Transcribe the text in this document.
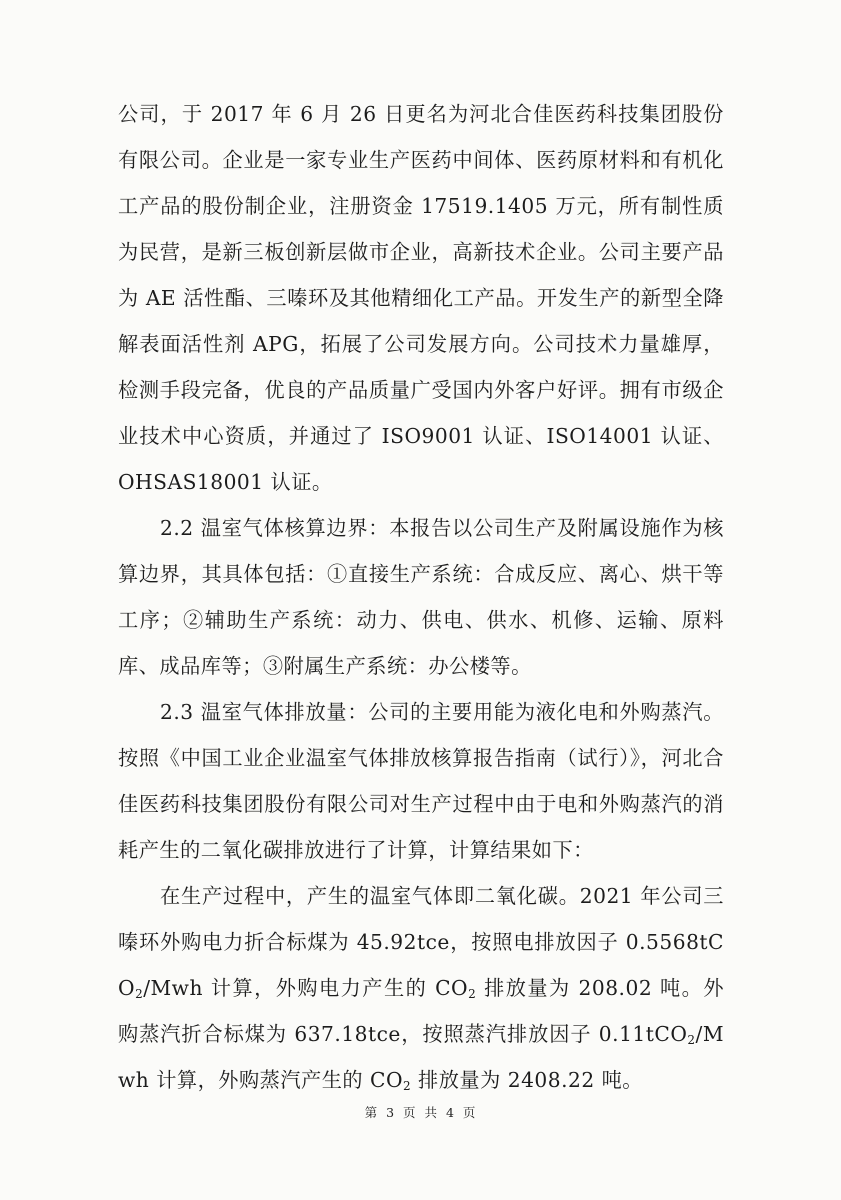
公司，于 2017 年 6 月 26 日更名为河北合佳医药科技集团股份有限公司。企业是一家专业生产医药中间体、医药原材料和有机化工产品的股份制企业，注册资金 17519.1405 万元，所有制性质为民营，是新三板创新层做市企业，高新技术企业。公司主要产品为 AE 活性酯、三嗪环及其他精细化工产品。开发生产的新型全降解表面活性剂 APG，拓展了公司发展方向。公司技术力量雄厚，检测手段完备，优良的产品质量广受国内外客户好评。拥有市级企业技术中心资质，并通过了 ISO9001 认证、ISO14001 认证、OHSAS18001 认证。

2.2 温室气体核算边界：本报告以公司生产及附属设施作为核算边界，其具体包括：①直接生产系统：合成反应、离心、烘干等工序；②辅助生产系统：动力、供电、供水、机修、运输、原料库、成品库等；③附属生产系统：办公楼等。

2.3 温室气体排放量：公司的主要用能为液化电和外购蒸汽。按照《中国工业企业温室气体排放核算报告指南（试行）》，河北合佳医药科技集团股份有限公司对生产过程中由于电和外购蒸汽的消耗产生的二氧化碳排放进行了计算，计算结果如下：

在生产过程中，产生的温室气体即二氧化碳。2021 年公司三嗪环外购电力折合标煤为 45.92tce，按照电排放因子 0.5568tCO$_2$/Mwh 计算，外购电力产生的 $CO_2$ 排放量为 208.02 吨。外购蒸汽折合标煤为 637.18tce，按照蒸汽排放因子 0.11tCO$_2$/Mwh 计算，外购蒸汽产生的 $CO_2$ 排放量为 2408.22 吨。

第 3 页 共 4 页
